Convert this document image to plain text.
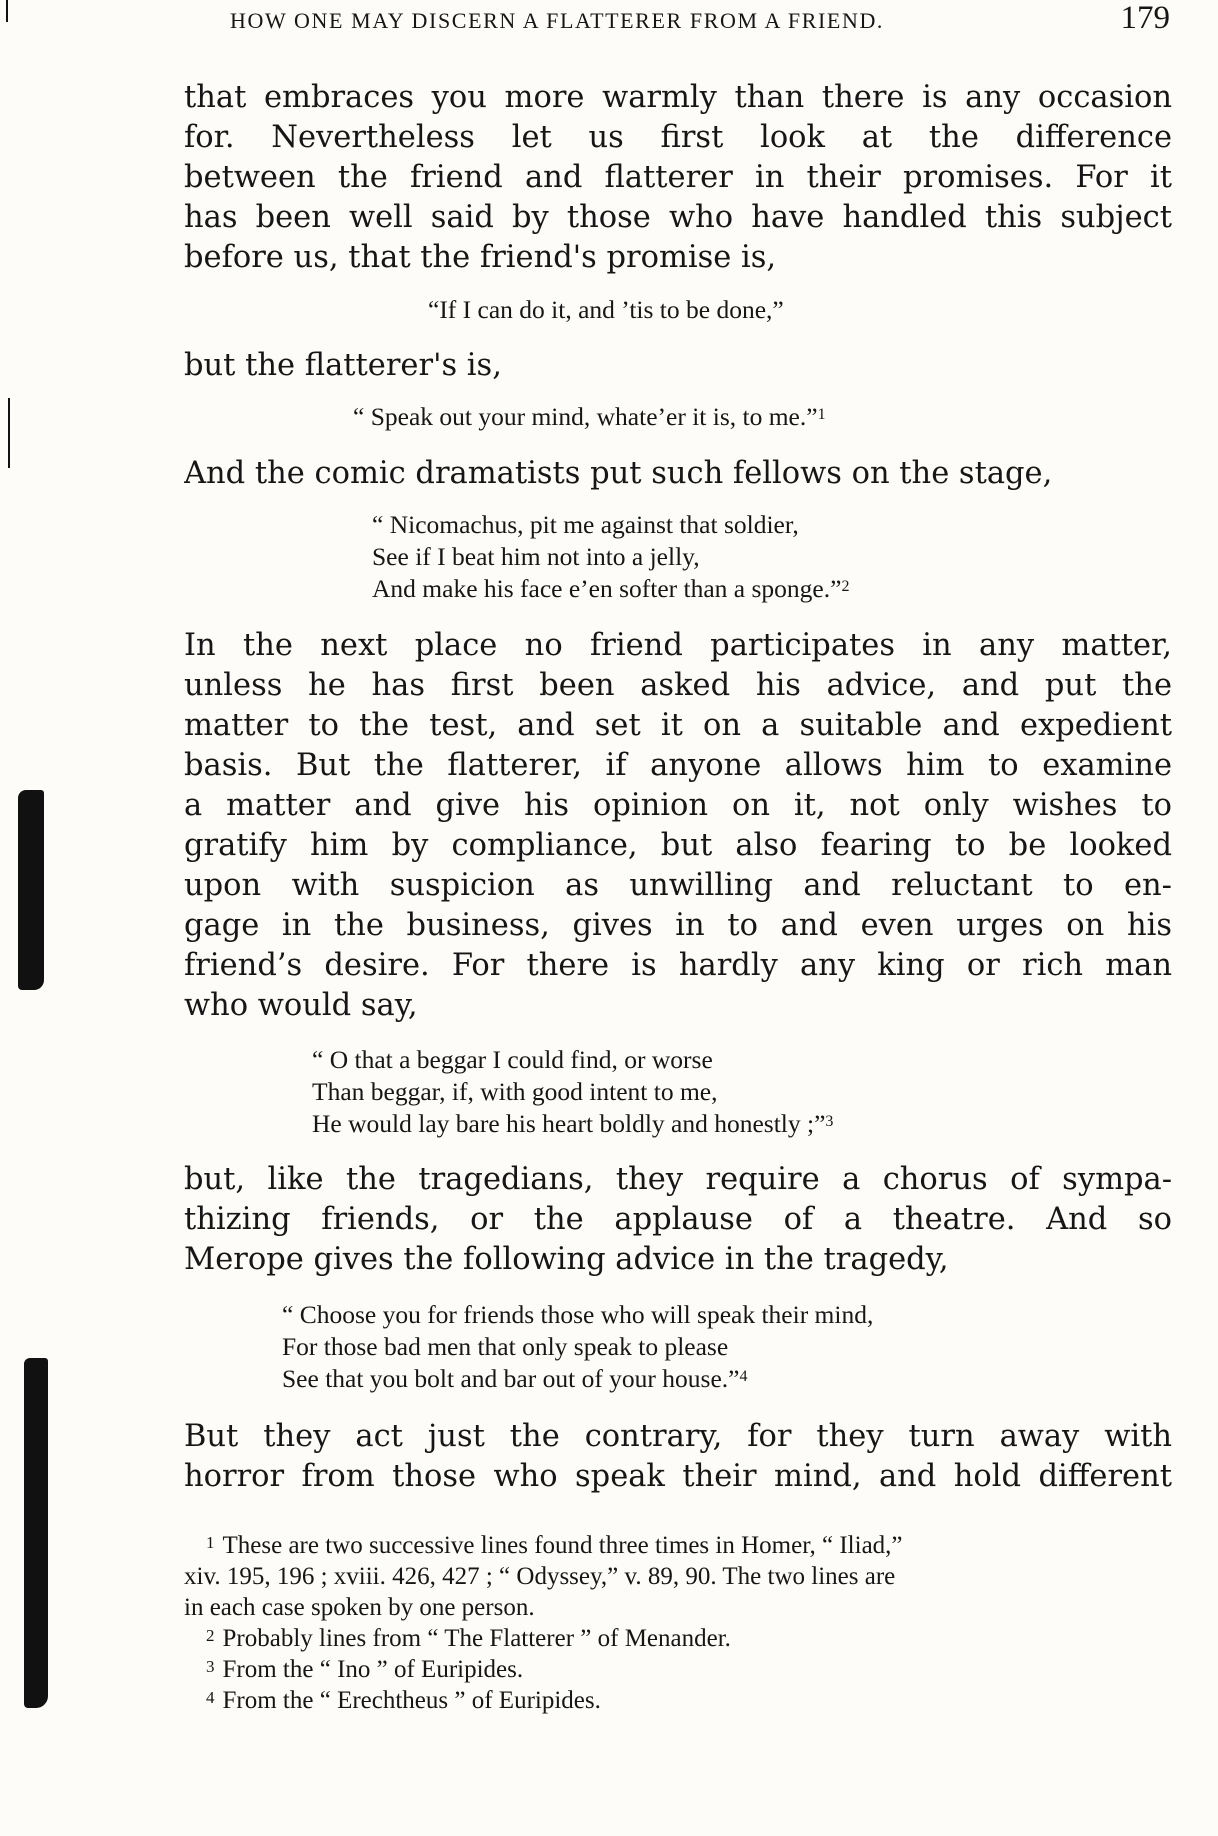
HOW ONE MAY DISCERN A FLATTERER FROM A FRIEND.	179
that embraces you more warmly than there is any occasion
for. Nevertheless let us first look at the difference
between the friend and flatterer in their promises. For it
has been well said by those who have handled this subject
before us, that the friend's promise is,
“If I can do it, and ’tis to be done,”
but the flatterer's is,
“ Speak out your mind, whate’er it is, to me.”$^1$
And the comic dramatists put such fellows on the stage,
“ Nicomachus, pit me against that soldier,
See if I beat him not into a jelly,
And make his face e’en softer than a sponge.”$^2$
In the next place no friend participates in any matter,
unless he has first been asked his advice, and put the
matter to the test, and set it on a suitable and expedient
basis. But the flatterer, if anyone allows him to examine
a matter and give his opinion on it, not only wishes to
gratify him by compliance, but also fearing to be looked
upon with suspicion as unwilling and reluctant to en-
gage in the business, gives in to and even urges on his
friend’s desire. For there is hardly any king or rich man
who would say,
“ O that a beggar I could find, or worse
Than beggar, if, with good intent to me,
He would lay bare his heart boldly and honestly ;”$^3$
but, like the tragedians, they require a chorus of sympa-
thizing friends, or the applause of a theatre. And so
Merope gives the following advice in the tragedy,
“ Choose you for friends those who will speak their mind,
For those bad men that only speak to please
See that you bolt and bar out of your house.”$^4$
But they act just the contrary, for they turn away with
horror from those who speak their mind, and hold different
$^1$ These are two successive lines found three times in Homer, “ Iliad,”
xiv. 195, 196 ; xviii. 426, 427 ; “ Odyssey,” v. 89, 90. The two lines are
in each case spoken by one person.
$^2$ Probably lines from “ The Flatterer ” of Menander.
$^3$ From the “ Ino ” of Euripides.
$^4$ From the “ Erechtheus ” of Euripides.
